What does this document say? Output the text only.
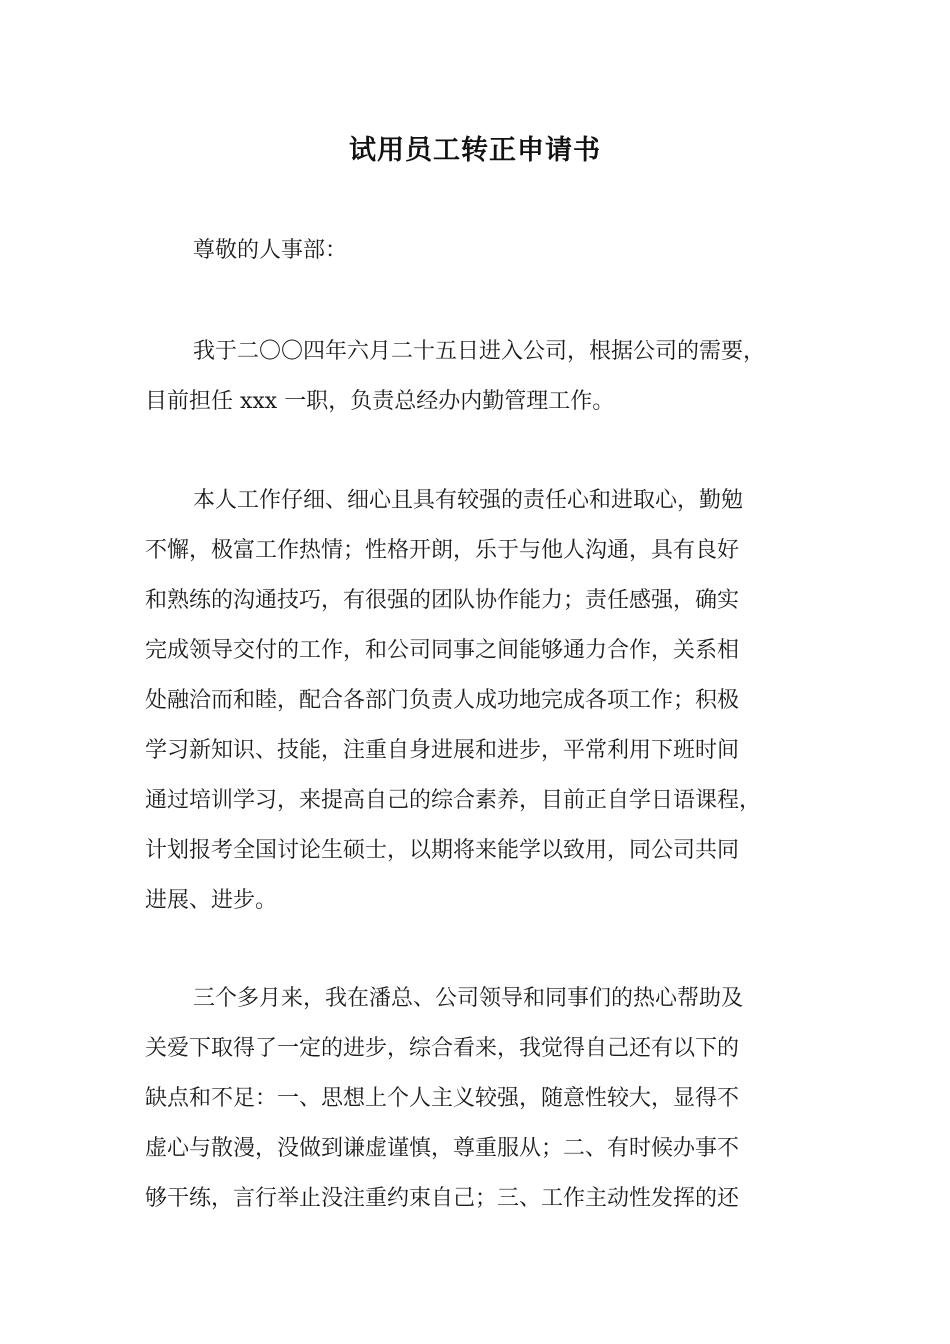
试用员工转正申请书

尊敬的人事部：

我于二〇〇四年六月二十五日进入公司，根据公司的需要，
目前担任 xxx 一职，负责总经办内勤管理工作。
本人工作仔细、细心且具有较强的责任心和进取心，勤勉
不懈，极富工作热情；性格开朗，乐于与他人沟通，具有良好
和熟练的沟通技巧，有很强的团队协作能力；责任感强，确实
完成领导交付的工作，和公司同事之间能够通力合作，关系相
处融洽而和睦，配合各部门负责人成功地完成各项工作；积极
学习新知识、技能，注重自身进展和进步，平常利用下班时间
通过培训学习，来提高自己的综合素养，目前正自学日语课程，
计划报考全国讨论生硕士，以期将来能学以致用，同公司共同
进展、进步。
三个多月来，我在潘总、公司领导和同事们的热心帮助及
关爱下取得了一定的进步，综合看来，我觉得自己还有以下的
缺点和不足：一、思想上个人主义较强，随意性较大，显得不
虚心与散漫，没做到谦虚谨慎，尊重服从；二、有时候办事不
够干练，言行举止没注重约束自己；三、工作主动性发挥的还
